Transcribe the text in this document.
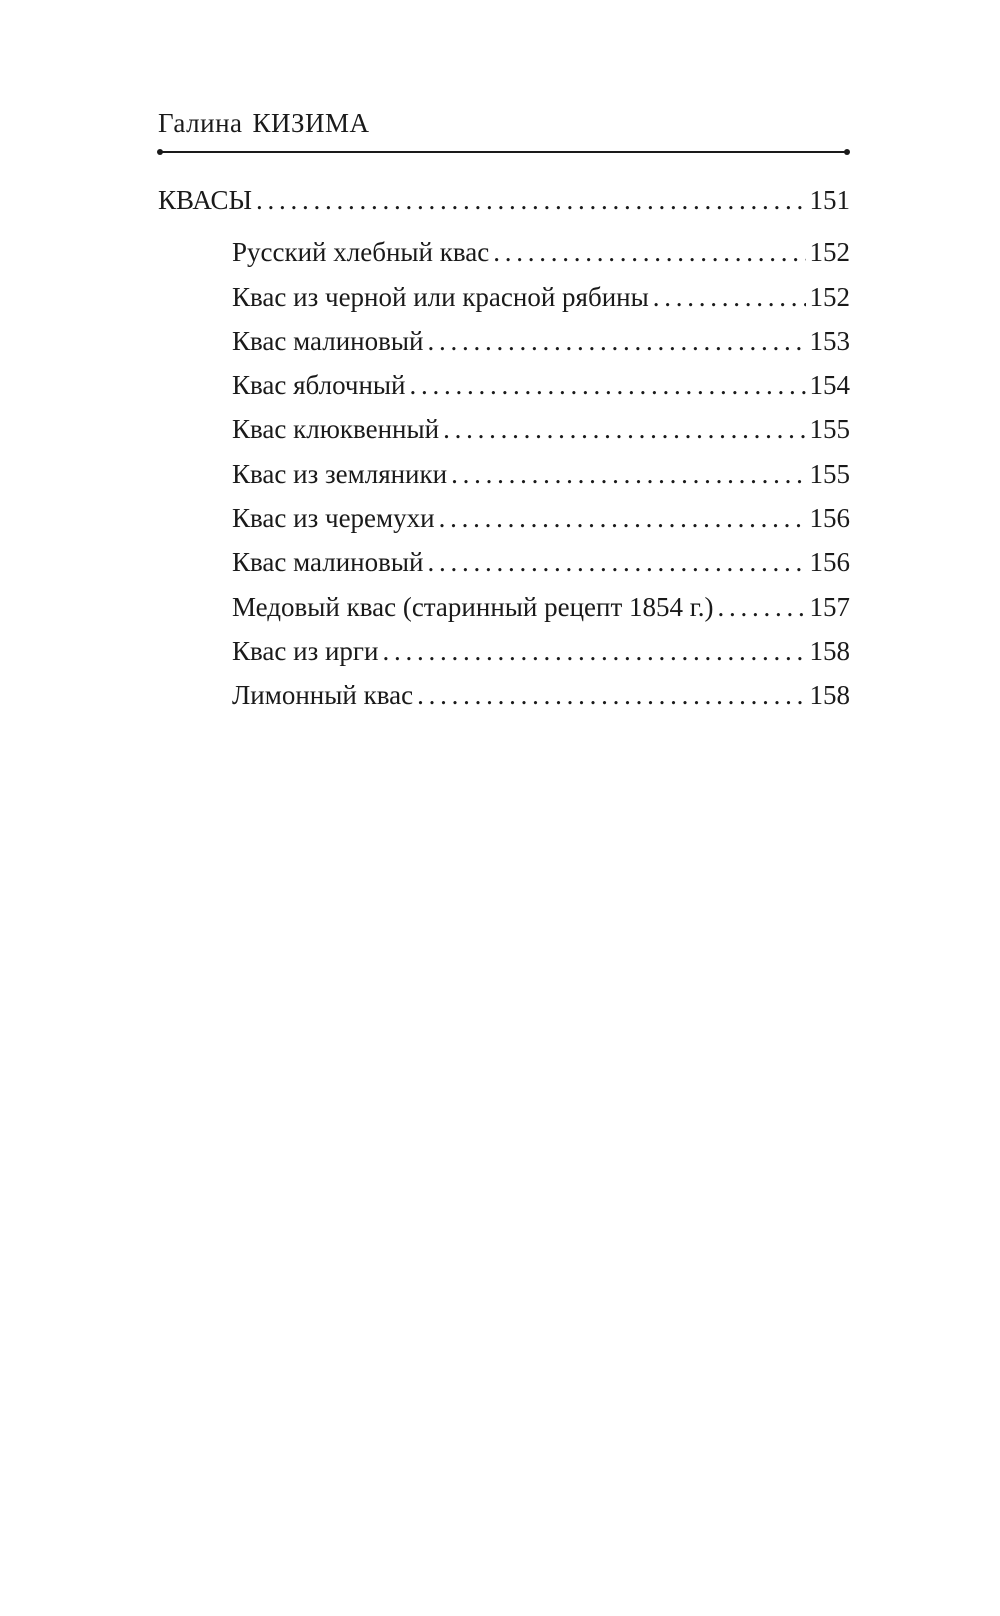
Галина КИЗИМА
КВАСЫ . . .	151
Русский хлебный квас . . .	152
Квас из черной или красной рябины . . .	152
Квас малиновый . . .	153
Квас яблочный . . .	154
Квас клюквенный . . .	155
Квас из земляники . . .	155
Квас из черемухи . . .	156
Квас малиновый . . .	156
Медовый квас (старинный рецепт 1854 г.) . . .	157
Квас из ирги . . .	158
Лимонный квас . . .	158
